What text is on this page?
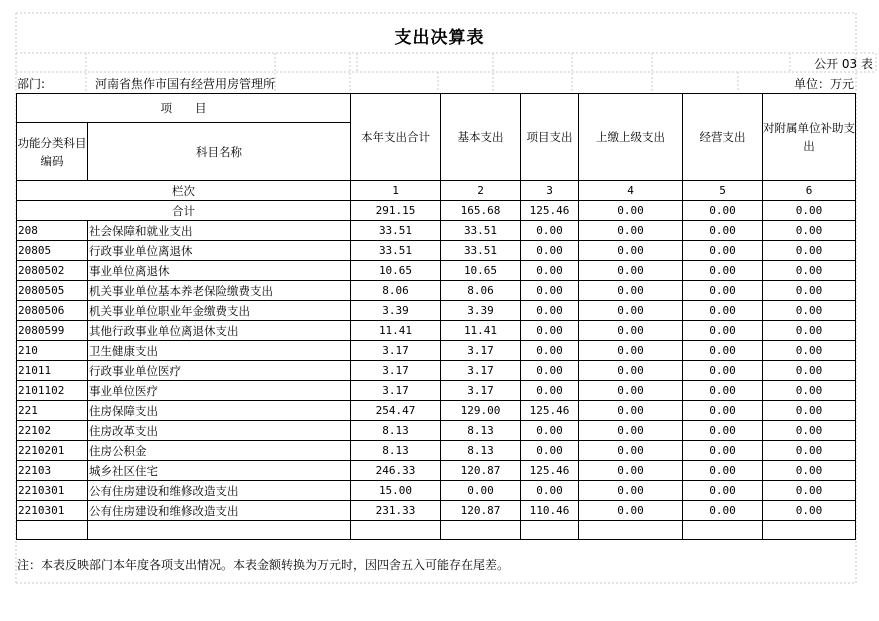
支出决算表
公开 03 表
部门:	河南省焦作市国有经营用房管理所	单位：万元
项　　目		本年支出合计	基本支出	项目支出	上缴上级支出	经营支出	对附属单位补助支出
功能分类科目编码	科目名称						

栏次		1	2	3	4	5	6
合计		291.15	165.68	125.46	0.00	0.00	0.00
208	社会保障和就业支出	33.51	33.51	0.00	0.00	0.00	0.00
20805	行政事业单位离退休	33.51	33.51	0.00	0.00	0.00	0.00
2080502	事业单位离退休	10.65	10.65	0.00	0.00	0.00	0.00
2080505	机关事业单位基本养老保险缴费支出	8.06	8.06	0.00	0.00	0.00	0.00
2080506	机关事业单位职业年金缴费支出	3.39	3.39	0.00	0.00	0.00	0.00
2080599	其他行政事业单位离退休支出	11.41	11.41	0.00	0.00	0.00	0.00
210	卫生健康支出	3.17	3.17	0.00	0.00	0.00	0.00
21011	行政事业单位医疗	3.17	3.17	0.00	0.00	0.00	0.00
2101102	事业单位医疗	3.17	3.17	0.00	0.00	0.00	0.00
221	住房保障支出	254.47	129.00	125.46	0.00	0.00	0.00
22102	住房改革支出	8.13	8.13	0.00	0.00	0.00	0.00
2210201	住房公积金	8.13	8.13	0.00	0.00	0.00	0.00
22103	城乡社区住宅	246.33	120.87	125.46	0.00	0.00	0.00
2210301	公有住房建设和维修改造支出	15.00	0.00	0.00	0.00	0.00	0.00
2210301	公有住房建设和维修改造支出	231.33	120.87	110.46	0.00	0.00	0.00

注：本表反映部门本年度各项支出情况。本表金额转换为万元时，因四舍五入可能存在尾差。
